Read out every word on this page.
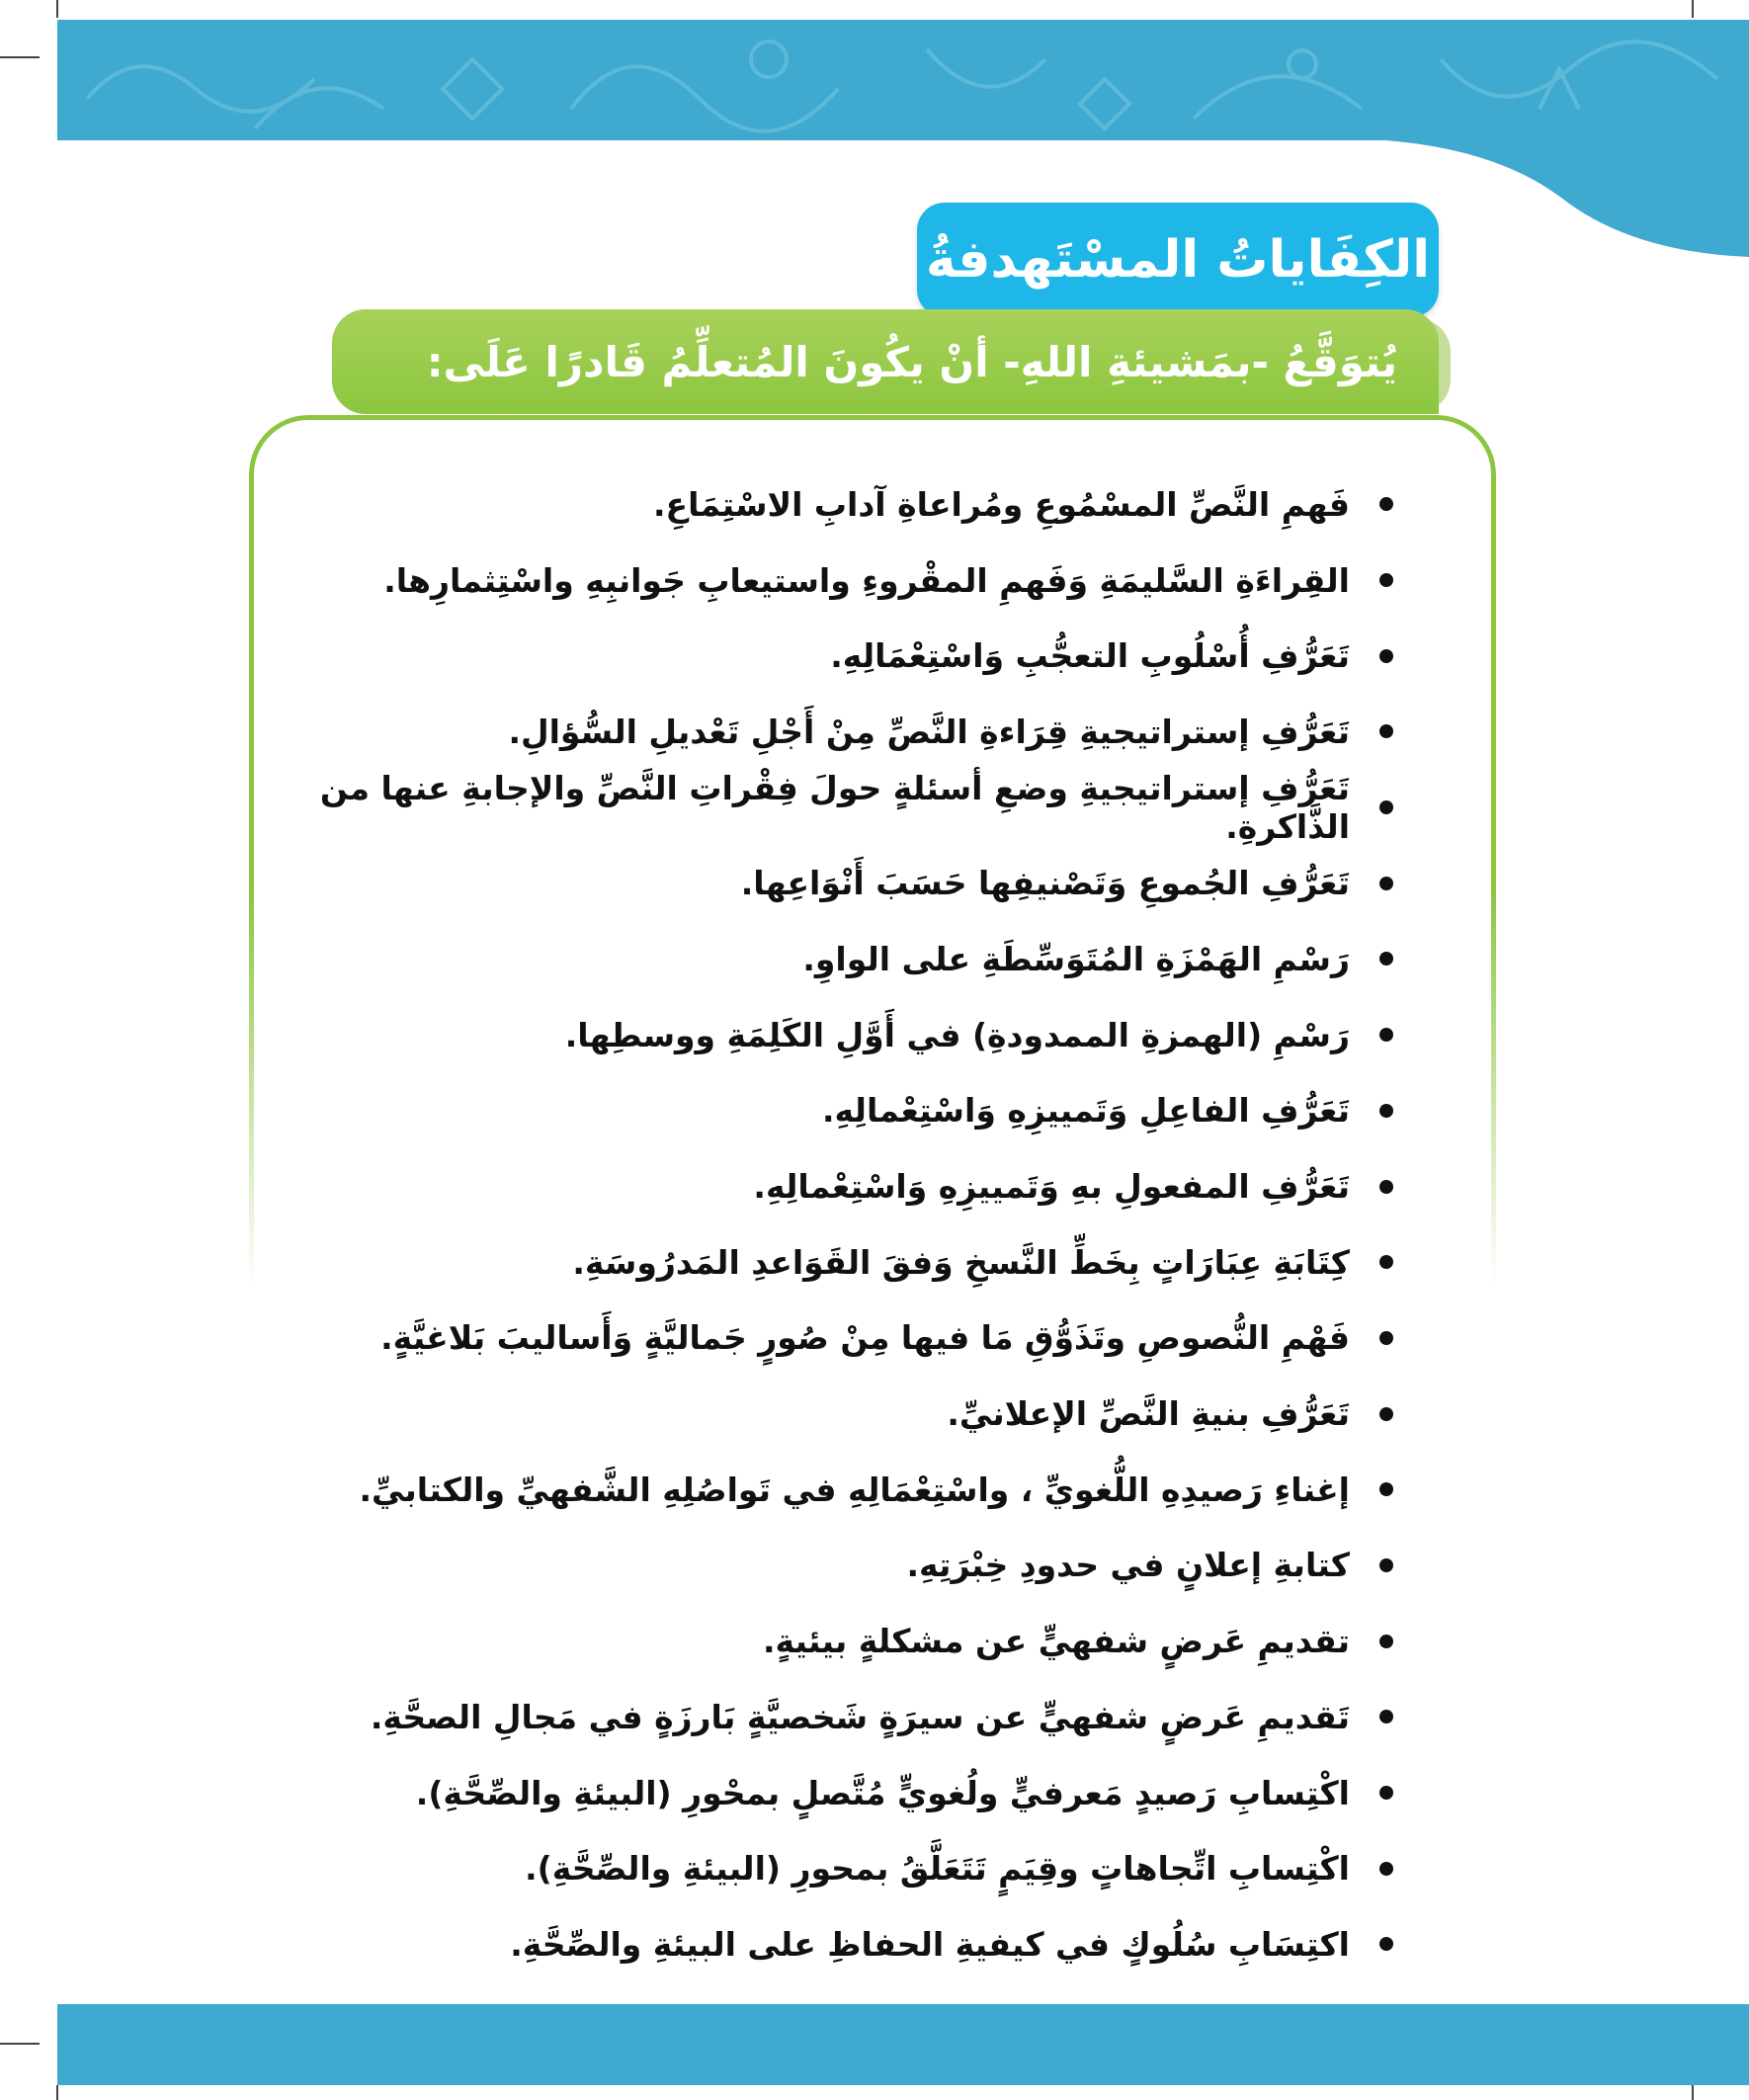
الكِفَاياتُ المسْتَهدفةُ
يُتوَقَّعُ -بمَشيئةِ اللهِ- أنْ يكُونَ المُتعلِّمُ قَادرًا عَلَى:
فَهمِ النَّصِّ المسْمُوعِ ومُراعاةِ آدابِ الاسْتِمَاعِ.
القِراءَةِ السَّليمَةِ وَفَهمِ المقْروءِ واستيعابِ جَوانبِهِ واسْتِثمارِها.
تَعَرُّفِ أُسْلُوبِ التعجُّبِ وَاسْتِعْمَالِهِ.
تَعَرُّفِ إستراتيجيةِ قِرَاءةِ النَّصِّ مِنْ أَجْلِ تَعْديلِ السُّؤالِ.
تَعَرُّفِ إستراتيجيةِ وضعِ أسئلةٍ حولَ فِقْراتِ النَّصِّ والإجابةِ عنها من الذَّاكرةِ.
تَعَرُّفِ الجُموعِ وَتَصْنيفِها حَسَبَ أَنْوَاعِها.
رَسْمِ الهَمْزَةِ المُتَوَسِّطَةِ على الواوِ.
رَسْمِ (الهمزةِ الممدودةِ) في أَوَّلِ الكَلِمَةِ ووسطِها.
تَعَرُّفِ الفاعِلِ وَتَمييزِهِ وَاسْتِعْمالِهِ.
تَعَرُّفِ المفعولِ بهِ وَتَمييزِهِ وَاسْتِعْمالِهِ.
كِتَابَةِ عِبَارَاتٍ بِخَطِّ النَّسخِ وَفقَ القَوَاعدِ المَدرُوسَةِ.
فَهْمِ النُّصوصِ وتَذَوُّقِ مَا فيها مِنْ صُورٍ جَماليَّةٍ وَأَساليبَ بَلاغيَّةٍ.
تَعَرُّفِ بنيةِ النَّصِّ الإعلانيِّ.
إغناءِ رَصيدِهِ اللُّغويِّ ، واسْتِعْمَالِهِ في تَواصُلِهِ الشَّفهيِّ والكتابيِّ.
كتابةِ إعلانٍ في حدودِ خِبْرَتِهِ.
تقديمِ عَرضٍ شفهيٍّ عن مشكلةٍ بيئيةٍ.
تَقديمِ عَرضٍ شفهيٍّ عن سيرَةٍ شَخصيَّةٍ بَارزَةٍ في مَجالِ الصحَّةِ.
اكْتِسابِ رَصيدٍ مَعرفيٍّ ولُغويٍّ مُتَّصلٍ بمحْورِ (البيئةِ والصِّحَّةِ).
اكْتِسابِ اتِّجاهاتٍ وقِيَمٍ تَتَعَلَّقُ بمحورِ (البيئةِ والصِّحَّةِ).
اكتِسَابِ سُلُوكٍ في كيفيةِ الحفاظِ على البيئةِ والصِّحَّةِ.	٢٤
